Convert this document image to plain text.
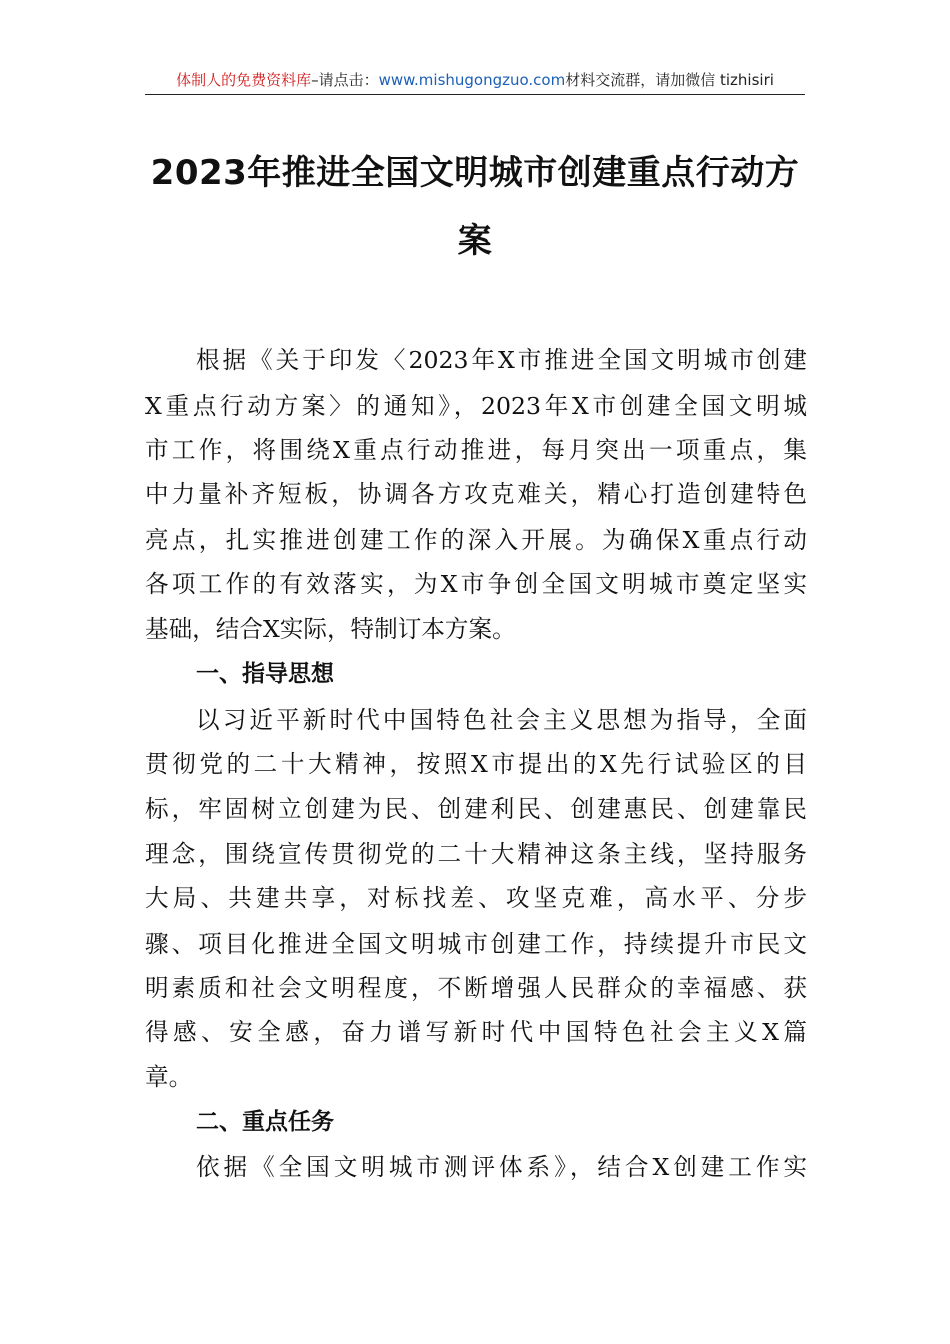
体制人的免费资料库–请点击：www.mishugongzuo.com材料交流群，请加微信 tizhisiri
2023年推进全国文明城市创建重点行动方
案
根据《关于印发〈2023年X市推进全国文明城市创建
X重点行动方案〉的通知》，2023年X市创建全国文明城
市工作，将围绕X重点行动推进，每月突出一项重点，集
中力量补齐短板，协调各方攻克难关，精心打造创建特色
亮点，扎实推进创建工作的深入开展。为确保X重点行动
各项工作的有效落实，为X市争创全国文明城市奠定坚实
基础，结合X实际，特制订本方案。
一、指导思想
以习近平新时代中国特色社会主义思想为指导，全面
贯彻党的二十大精神，按照X市提出的X先行试验区的目
标，牢固树立创建为民、创建利民、创建惠民、创建靠民
理念，围绕宣传贯彻党的二十大精神这条主线，坚持服务
大局、共建共享，对标找差、攻坚克难，高水平、分步
骤、项目化推进全国文明城市创建工作，持续提升市民文
明素质和社会文明程度，不断增强人民群众的幸福感、获
得感、安全感，奋力谱写新时代中国特色社会主义X篇
章。
二、重点任务
依据《全国文明城市测评体系》，结合X创建工作实
